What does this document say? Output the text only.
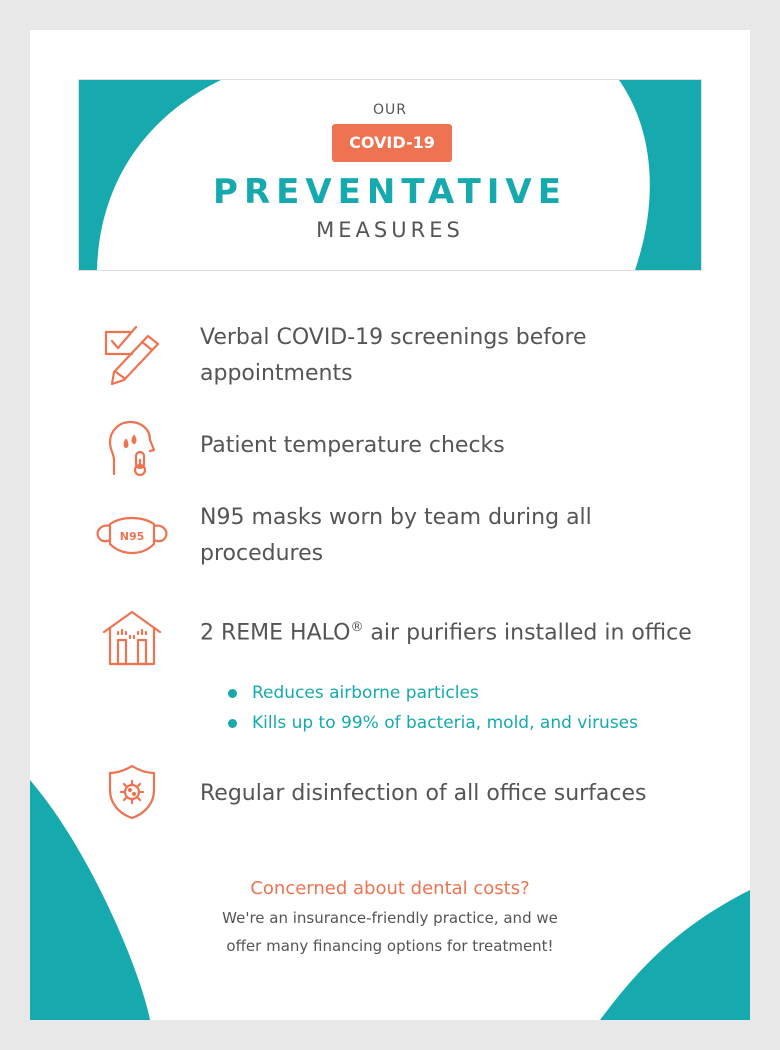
OUR
COVID-19
PREVENTATIVE
MEASURES
Verbal COVID-19 screenings before appointments
Patient temperature checks
N95
N95 masks worn by team during all procedures
2 REME HALO® air purifiers installed in office
Reduces airborne particles
Kills up to 99% of bacteria, mold, and viruses
Regular disinfection of all office surfaces
Concerned about dental costs?
We're an insurance-friendly practice, and we
offer many financing options for treatment!
